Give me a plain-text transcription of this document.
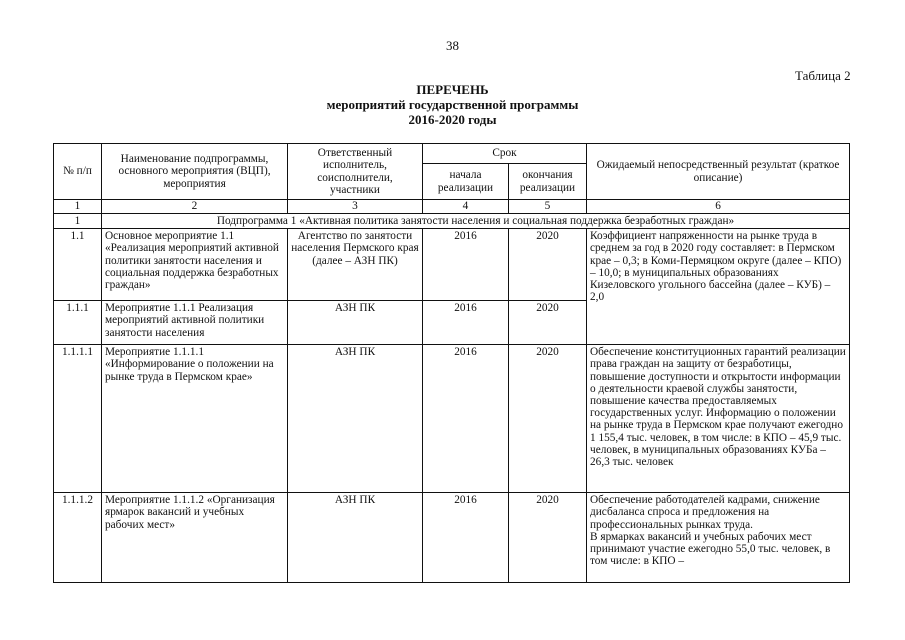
38
Таблица 2
ПЕРЕЧЕНЬ
мероприятий государственной программы
2016-2020 годы
№ п/п	Наименование подпрограммы, основного мероприятия (ВЦП), мероприятия	Ответственный исполнитель, соисполнители, участники	Срок		Ожидаемый непосредственный результат (краткое описание)
			начала реализации	окончания реализации	
1	2	3	4	5	6
1	Подпрограмма 1 «Активная политика занятости населения и социальная поддержка безработных граждан»				
1.1	Основное мероприятие 1.1 «Реализация мероприятий активной политики занятости населения и социальная поддержка безработных граждан»	Агентство по занятости населения Пермского края (далее – АЗН ПК)	2016	2020	Коэффициент напряженности на рынке труда в среднем за год в 2020 году составляет: в Пермском крае – 0,3; в Коми-Пермяцком округе (далее – КПО) – 10,0; в муниципальных образованиях Кизеловского угольного бассейна (далее – КУБ) – 2,0
1.1.1	Мероприятие 1.1.1 Реализация мероприятий активной политики занятости населения	АЗН ПК	2016	2020	
1.1.1.1	Мероприятие 1.1.1.1 «Информирование о положении на рынке труда в Пермском крае»	АЗН ПК	2016	2020	Обеспечение конституционных гарантий реализации права граждан на защиту от безработицы, повышение доступности и открытости информации о деятельности краевой службы занятости, повышение качества предоставляемых государственных услуг. Информацию о положении на рынке труда в Пермском крае получают ежегодно 1 155,4 тыс. человек, в том числе: в КПО – 45,9 тыс. человек, в муниципальных образованиях КУБа – 26,3 тыс. человек
1.1.1.2	Мероприятие 1.1.1.2 «Организация ярмарок вакансий и учебных рабочих мест»	АЗН ПК	2016	2020	Обеспечение работодателей кадрами, снижение дисбаланса спроса и предложения на профессиональных рынках труда.
В ярмарках вакансий и учебных рабочих мест принимают участие ежегодно 55,0 тыс. человек, в том числе: в КПО –
